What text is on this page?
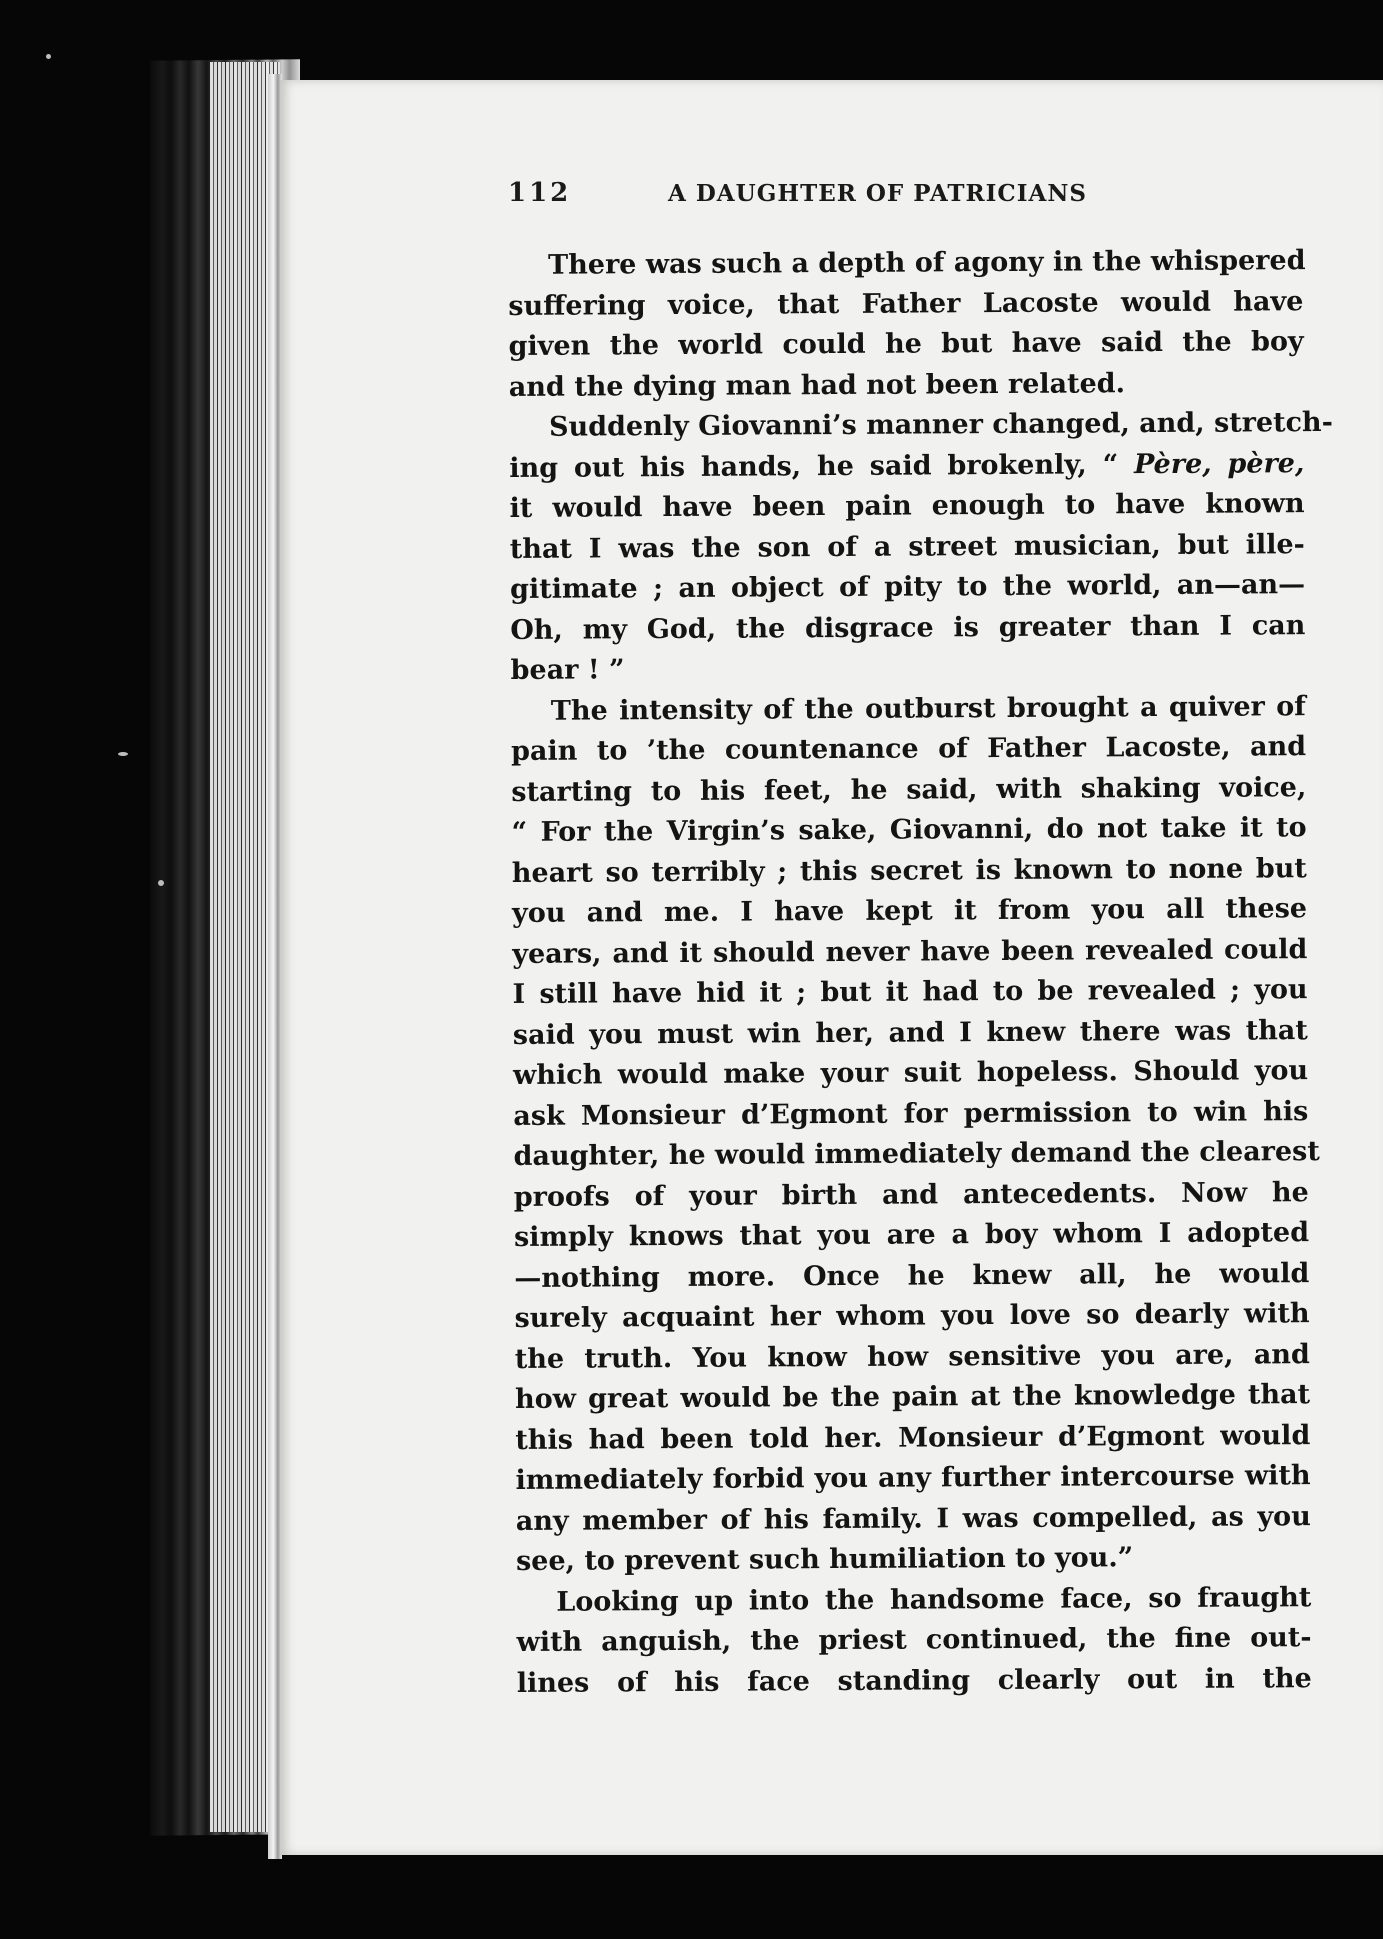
112	A DAUGHTER OF PATRICIANS
There was such a depth of agony in the whispered
suffering voice, that Father Lacoste would have
given the world could he but have said the boy
and the dying man had not been related.
Suddenly Giovanni’s manner changed, and, stretch-
ing out his hands, he said brokenly, “ Père, père,
it would have been pain enough to have known
that I was the son of a street musician, but ille-
gitimate ; an object of pity to the world, an—an—
Oh, my God, the disgrace is greater than I can
bear ! ”
The intensity of the outburst brought a quiver of
pain to ’the countenance of Father Lacoste, and
starting to his feet, he said, with shaking voice,
“ For the Virgin’s sake, Giovanni, do not take it to
heart so terribly ; this secret is known to none but
you and me. I have kept it from you all these
years, and it should never have been revealed could
I still have hid it ; but it had to be revealed ; you
said you must win her, and I knew there was that
which would make your suit hopeless. Should you
ask Monsieur d’Egmont for permission to win his
daughter, he would immediately demand the clearest
proofs of your birth and antecedents. Now he
simply knows that you are a boy whom I adopted
—nothing more. Once he knew all, he would
surely acquaint her whom you love so dearly with
the truth. You know how sensitive you are, and
how great would be the pain at the knowledge that
this had been told her. Monsieur d’Egmont would
immediately forbid you any further intercourse with
any member of his family. I was compelled, as you
see, to prevent such humiliation to you.”
Looking up into the handsome face, so fraught
with anguish, the priest continued, the fine out-
lines of his face standing clearly out in the
